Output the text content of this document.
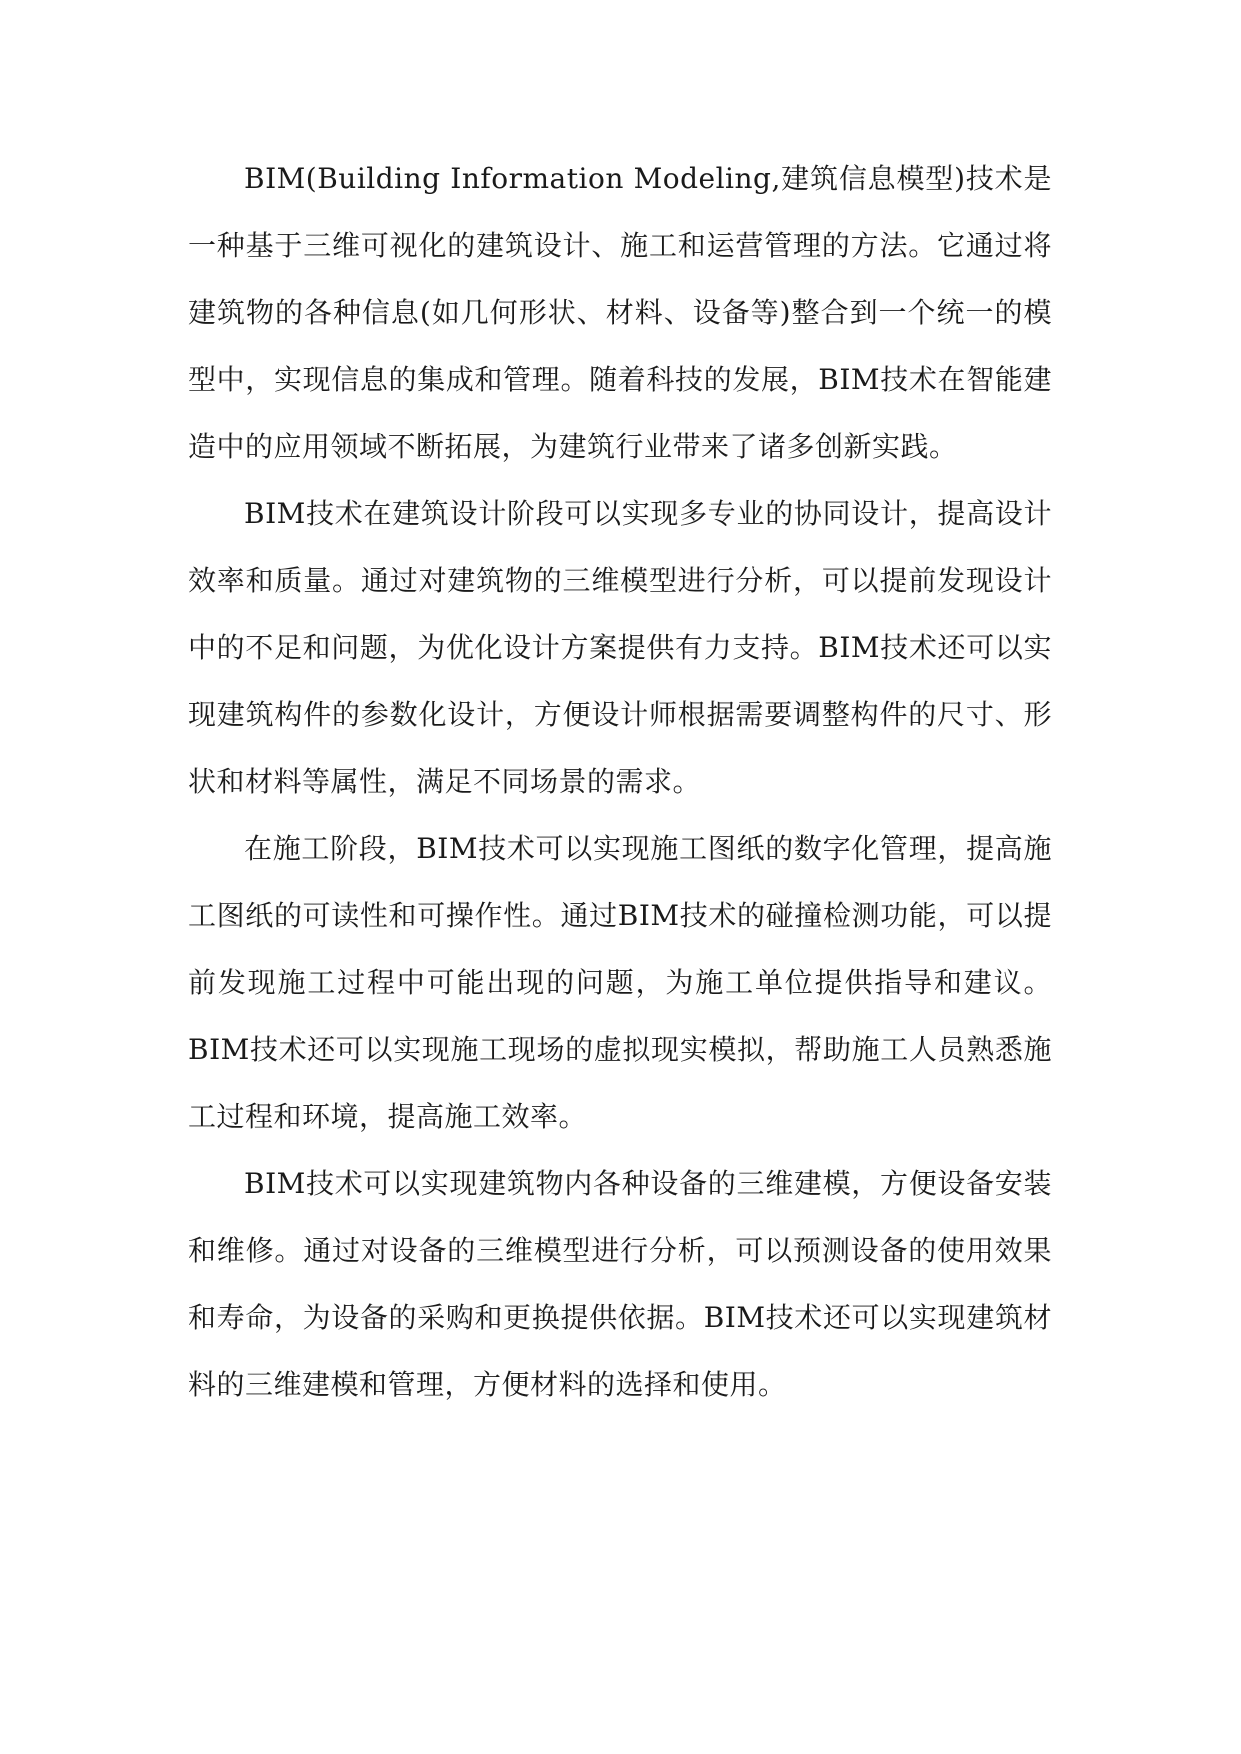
BIM(Building Information Modeling,建筑信息模型)技术是一种基于三维可视化的建筑设计、施工和运营管理的方法。它通过将建筑物的各种信息(如几何形状、材料、设备等)整合到一个统一的模型中，实现信息的集成和管理。随着科技的发展，BIM技术在智能建造中的应用领域不断拓展，为建筑行业带来了诸多创新实践。

BIM技术在建筑设计阶段可以实现多专业的协同设计，提高设计效率和质量。通过对建筑物的三维模型进行分析，可以提前发现设计中的不足和问题，为优化设计方案提供有力支持。BIM技术还可以实现建筑构件的参数化设计，方便设计师根据需要调整构件的尺寸、形状和材料等属性，满足不同场景的需求。

在施工阶段，BIM技术可以实现施工图纸的数字化管理，提高施工图纸的可读性和可操作性。通过BIM技术的碰撞检测功能，可以提前发现施工过程中可能出现的问题，为施工单位提供指导和建议。BIM技术还可以实现施工现场的虚拟现实模拟，帮助施工人员熟悉施工过程和环境，提高施工效率。

BIM技术可以实现建筑物内各种设备的三维建模，方便设备安装和维修。通过对设备的三维模型进行分析，可以预测设备的使用效果和寿命，为设备的采购和更换提供依据。BIM技术还可以实现建筑材料的三维建模和管理，方便材料的选择和使用。
